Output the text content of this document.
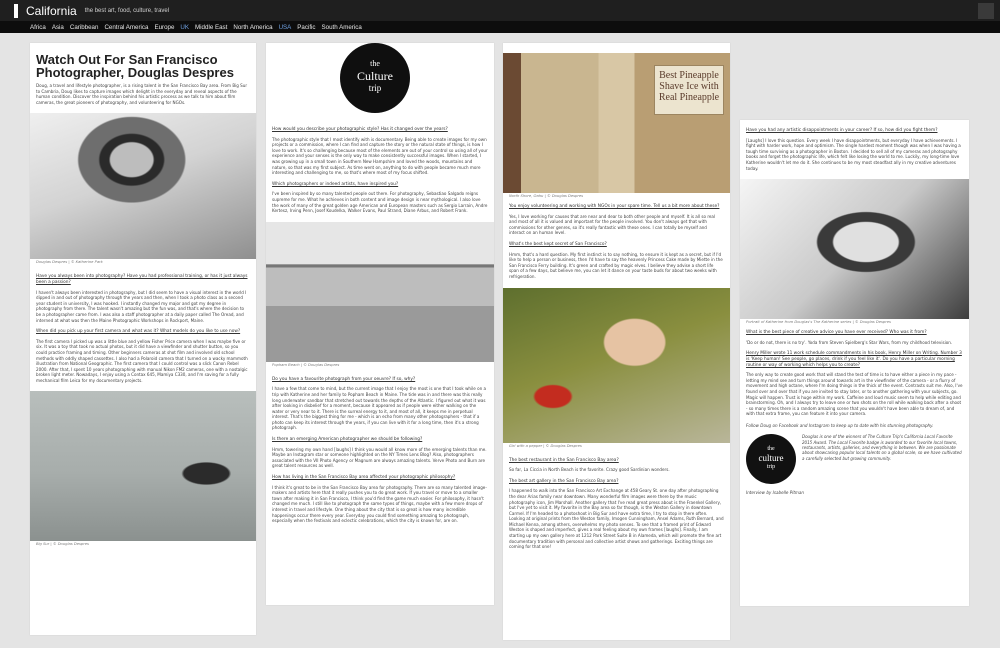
California the best art, food, culture, travel
Africa Asia Caribbean Central America Europe UK Middle East North America USA Pacific South America
Watch Out For San Francisco Photographer, Douglas Despres

Doug, a travel and lifestyle photographer, is a rising talent in the San Francisco Bay area. From Big Sur to Cambria, Doug likes to capture images which delight in the everyday and reveal aspects of the human condition. Discover the inspiration behind his artistic process as we talk to him about film cameras, the great pioneers of photography, and volunteering for NGOs.

Douglas Despres | © Katherine Park

Have you always been into photography? Have you had professional training, or has it just always been a passion?

I haven't always been interested in photography, but I did seem to have a visual interest in the world I dipped in and out of photography through the years and then, when I took a photo class as a second year student in university, I was hooked. I instantly changed my major and got my degree in photography from there. The talent wasn't amazing but the fun was, and that's where the decision to be a photographer came from. I was also a staff photographer at a daily paper called The Oread, and interned at what was then the Maine Photographic Workshops in Rockport, Maine.

When did you pick up your first camera and what was it? What models do you like to use now?

The first camera I picked up was a little blue and yellow Fisher Price camera when I was maybe five or six. It was a toy that took no actual photos, but it did have a viewfinder and shutter button, so you could practice framing and timing. Other beginners cameras at shot film and involved old school methods with oddly shaped cassettes. I also had a Polaroid camera that I turned on a wacky mammoth illustration from National Geographic. The first camera that I could control was a slick Canon Rebel 2000. After that, I spent 10 years photographing with manual Nikon FM2 cameras, one with a nostalgic broken light meter. Nowadays, I enjoy using a Contax 645, Mamiya C330, and I'm saving for a fully mechanical film Leica for my documentary projects.

Big Sur | © Douglas Despres

How would you describe your photographic style? Has it changed over the years?

The photographic style that I most identify with is documentary. Being able to create images for my own projects or a commission, where I can find and capture the story or the natural state of things, is how I love to work. It's so challenging because most of the elements are out of your control so using all of your experience and your senses is the only way to make consistently successful images. When I started, I was growing up in a small town in Southern New Hampshire and loved the woods, mountains and nature, so that was my first subject. As time went on, anything to do with people became much more interesting and challenging to me, so that's where most of my focus shifted.

Which photographers or indeed artists, have inspired you?

I've been inspired by so many talented people out there. For photography, Sebastiao Salgado reigns supreme for me. What he achieves in both content and image design is near mythological. I also love the work of many of the great golden age American and European masters such as Sergio Larrain, Andre Kertesz, Irving Penn, Josef Koudelka, Walker Evans, Paul Strand, Diane Arbus, and Robert Frank.

Popham Beach | © Douglas Despres

Do you have a favourite photograph from your oeuvre? If so, why?

I have a few that come to mind, but the current image that I enjoy the most is one that I took while on a trip with Katherine and her family to Popham Beach in Maine. The tide was in and there was this really long underwater sandbar that stretched out towards the depths of the Atlantic. I figured out what it was after looking in disbelief for a moment, because it appeared as if people were either walking on the water or very near to it. There is the surreal energy to it, and most of all, it keeps me in perpetual interest. That's the biggest thing for me - which is an echo from many other photographers - that if a photo can keep its interest through the years, if you can live with it for a long time, then it's a strong photograph.

Is there an emerging American photographer we should be following?

Hmm, towering my own hand [laughs] I think you would all know more of the emerging talents than me. Maybe an Instagram star or someone highlighted on the NY Times Lens Blog? Also, photographers associated with the VII Photo Agency or Magnum are always amazing talents. Verve Photo and Burn are great talent resources as well.

How has living in the San Francisco Bay area affected your photographic philosophy?

I think it's great to be in the San Francisco Bay area for photography. There are so many talented image-makers and artists here that it really pushes you to do great work. If you travel or move to a smaller town after making it in San Francisco, I think you'd find the game much easier. For philosophy, it hasn't changed me much. I still like to photograph the same types of things, maybe with a few more drops of interest in travel and lifestyle. One thing about the city that is so great is how many incredible happenings occur there every year. Everyday you could find something amazing to photograph, especially when the festivals and eclectic celebrations, which the city is known for, are on.

the
Culture
trip
Best Pineapple Shave Ice with Real Pineapple
North Shore, Oahu | © Douglas Despres

You enjoy volunteering and working with NGOs in your spare time. Tell us a bit more about these?

Yes, I love working for causes that are near and dear to both other people and myself. It is all so real and most of all it is valued and important for the people involved. You don't always get that with commissions for other genres, so it's really fantastic with these ones. I can totally be myself and interact on an human level.

What's the best kept secret of San Francisco?

Hmm, that's a hard question. My first instinct is to say nothing, to ensure it is kept as a secret, but if I'd like to help a person or business, then I'd have to say the heavenly Princess Cake made by Miette in the San Francisco Ferry building. It's green and crafted by magic elves. I believe they advise a short life span of a few days, but believe me, you can let it dance on your taste buds for about two weeks with refrigeration.

Girl with a pepper | © Douglas Despres

The best restaurant in the San Francisco Bay area?

So far, La Ciccia in North Beach is the favorite. Crazy good Sardinian wonders.

The best art gallery in the San Francisco Bay area?

I happened to walk into the San Francisco Art Exchange at 458 Geary St. one day after photographing the dear Arias family near downtown. Many wonderful film images were there by the music photography icon, Jim Marshall. Another gallery that I've read great press about is the Fraenkel Gallery, but I've yet to visit it. My favorite in the Bay area so far though, is the Weston Gallery in downtown Carmel. If I'm headed to a photoshoot in Big Sur and have extra time, I try to stop in there often. Looking at original prints from the Weston family, Imogen Cunningham, Ansel Adams, Ruth Bernard, and Michael Kenna, among others, overwhelms my photo senses. To see that a framed print of Edward Weston is shaped and imperfect, gives a real feeling about my own frames [laughs]. Finally, I am starting up my own gallery here at 1212 Park Street Suite B in Alameda, which will promote the fine art documentary tradition with personal and collective artist shows and gatherings. Exciting things are coming for that one!

Have you had any artistic disappointments in your career? If so, how did you fight them?

[Laughs] I love this question. Every week I have disappointments, but everyday I have achievements. I fight with harder work, hope and optimism. The single hardest moment though was when I was having a tough time surviving as a photographer in Boston. I decided to sell all of my cameras and photography books and forget the photographic life, which felt like losing the world to me. Luckily, my long-time love Katherine wouldn't let me do it. She continues to be my most steadfast ally in my creative adventures today.

Portrait of Katherine from Douglas's The Katherine series | © Douglas Despres

What is the best piece of creative advice you have ever received? Who was it from?

'Do or do not, there is no try'. Yoda from Steven Spielberg's Star Wars, from my childhood television.

Henry Miller wrote 11 work schedule commandments in his book, Henry Miller on Writing. Number 3 is 'Keep human! See people, go places, drink if you feel like it'. Do you have a particular morning routine or way of working which helps you to create?

The only way to create good work that will stand the test of time is to have either a piece in my pace - letting my mind see and turn things around towards art in the viewfinder of the camera - or a flurry of movement and high octane, where I'm doing things in the thick of the event. Contrasts suit me. Also, I've found over and over that if you are invited to stay later, or to another gathering with your subjects, go. Magic will happen. Trust is huge within my work. Caffeine and loud music seem to help while editing and brainstorming. Oh, and I always try to leave one or two shots on the roll while walking back after a shoot - so many times there is a random amazing scene that you wouldn't have been able to dream of, and with that extra frame, you can feature it into your camera.

Follow Doug on Facebook and Instagram to keep up to date with his stunning photography.

the
culture
trip

Douglas is one of the winners of The Culture Trip's California Local Favorite 2015 Award. The Local Favorite badge is awarded to our favorite local towns, restaurants, artists, galleries, and everything in between. We are passionate about showcasing popular local talents on a global scale, so we have cultivated a carefully selected but growing community.

Interview by Isabelle Pitman
